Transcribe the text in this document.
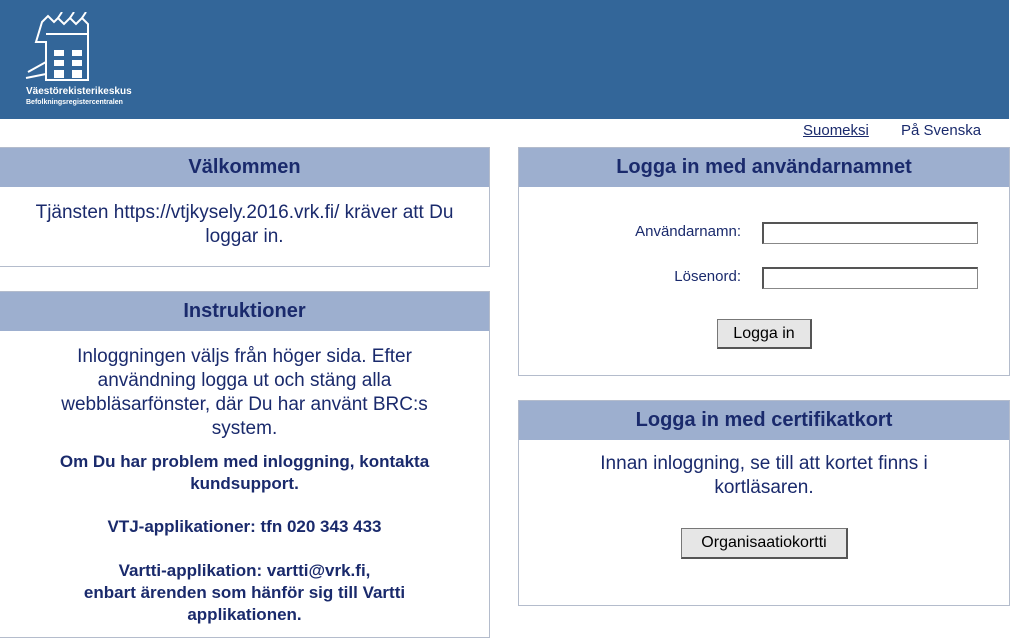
Väestörekisterikeskus
Befolkningsregistercentralen
Suomeksi På Svenska
Välkommen
Tjänsten https://vtjkysely.2016.vrk.fi/ kräver att Du loggar in.
Instruktioner
Inloggningen väljs från höger sida. Efter användning logga ut och stäng alla webbläsarfönster, där Du har använt BRC:s system.
Om Du har problem med inloggning, kontakta kundsupport.
VTJ-applikationer: tfn 020 343 433
Vartti-applikation: vartti@vrk.fi,
enbart ärenden som hänför sig till Vartti applikationen.
Logga in med användarnamnet
Användarnamn:
Lösenord:
Logga in
Logga in med certifikatkort
Innan inloggning, se till att kortet finns i kortläsaren.
Organisaatiokortti
